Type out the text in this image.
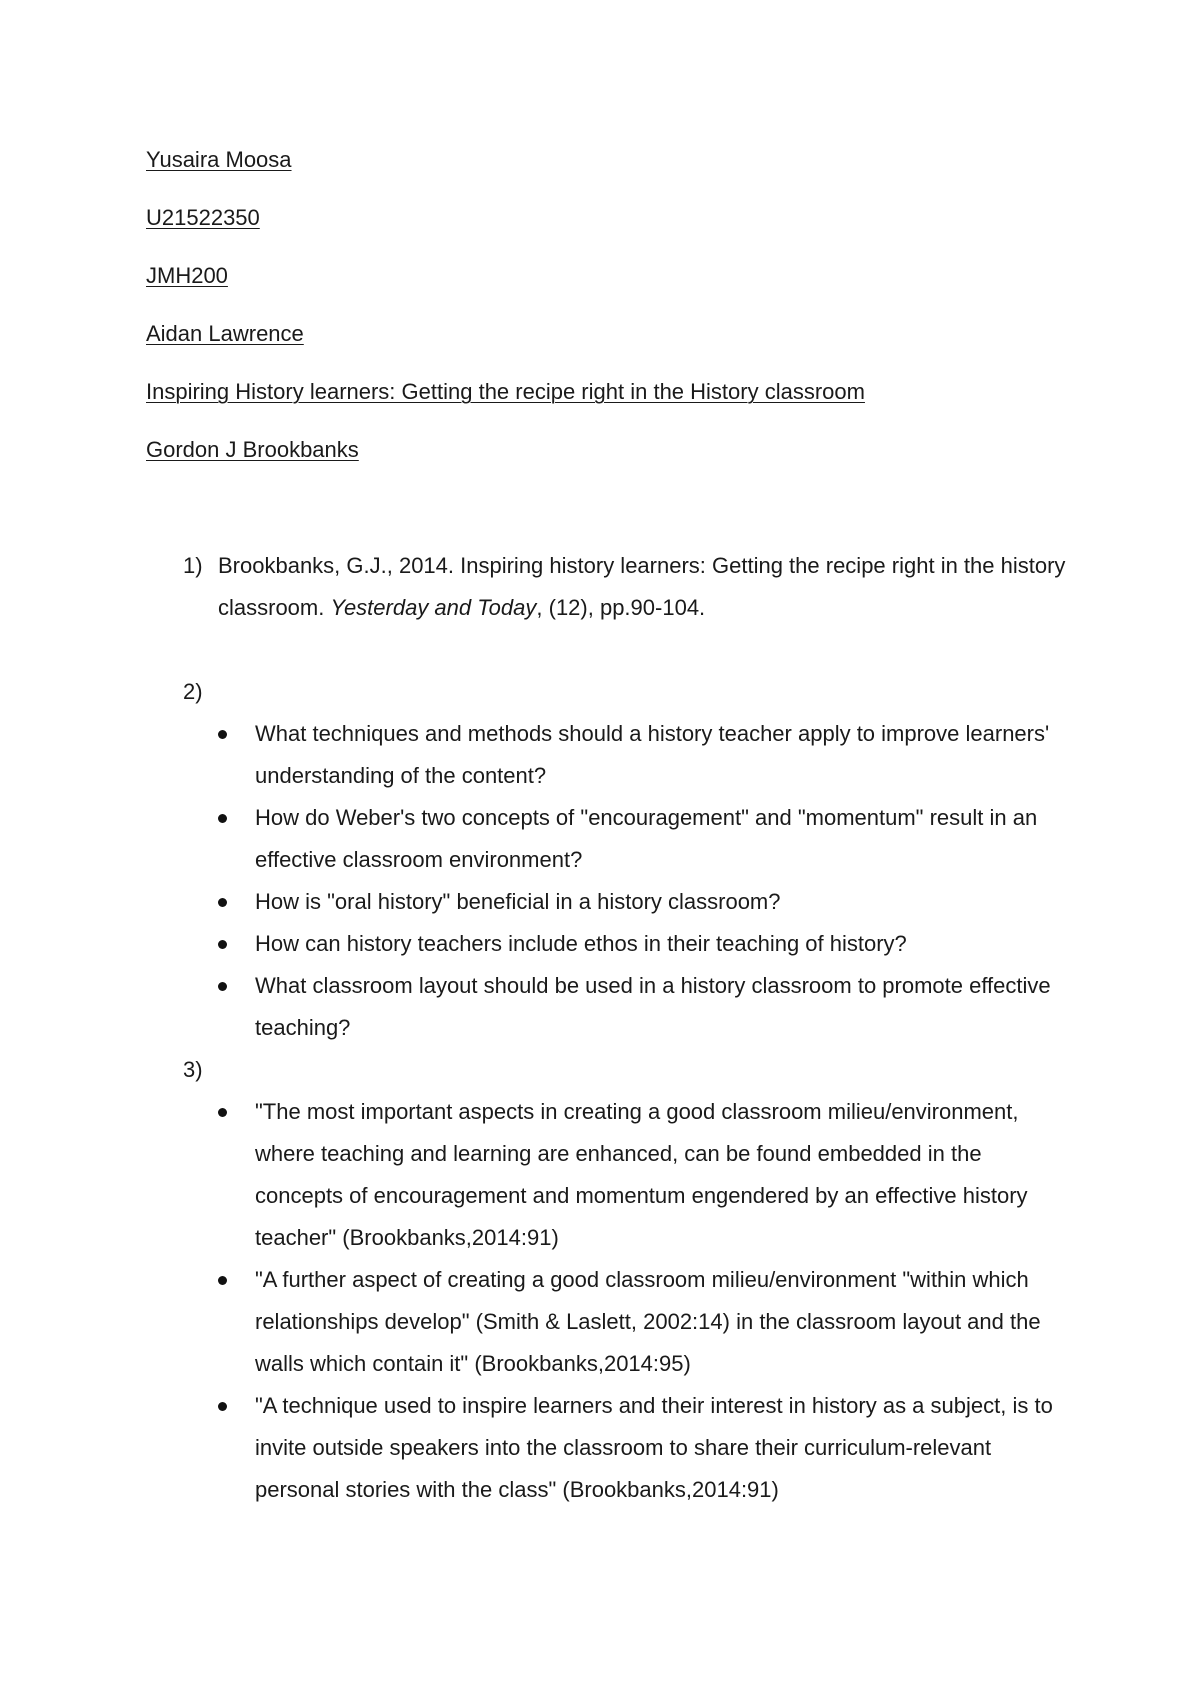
Yusaira Moosa
U21522350
JMH200
Aidan Lawrence
Inspiring History learners: Getting the recipe right in the History classroom
Gordon J Brookbanks
1) Brookbanks, G.J., 2014. Inspiring history learners: Getting the recipe right in the history classroom. Yesterday and Today, (12), pp.90-104.
2)
What techniques and methods should a history teacher apply to improve learners' understanding of the content?
How do Weber's two concepts of "encouragement" and "momentum" result in an effective classroom environment?
How is "oral history" beneficial in a history classroom?
How can history teachers include ethos in their teaching of history?
What classroom layout should be used in a history classroom to promote effective teaching?
3)
"The most important aspects in creating a good classroom milieu/environment, where teaching and learning are enhanced, can be found embedded in the concepts of encouragement and momentum engendered by an effective history teacher" (Brookbanks,2014:91)
"A further aspect of creating a good classroom milieu/environment "within which relationships develop" (Smith & Laslett, 2002:14) in the classroom layout and the walls which contain it" (Brookbanks,2014:95)
"A technique used to inspire learners and their interest in history as a subject, is to invite outside speakers into the classroom to share their curriculum-relevant personal stories with the class" (Brookbanks,2014:91)
